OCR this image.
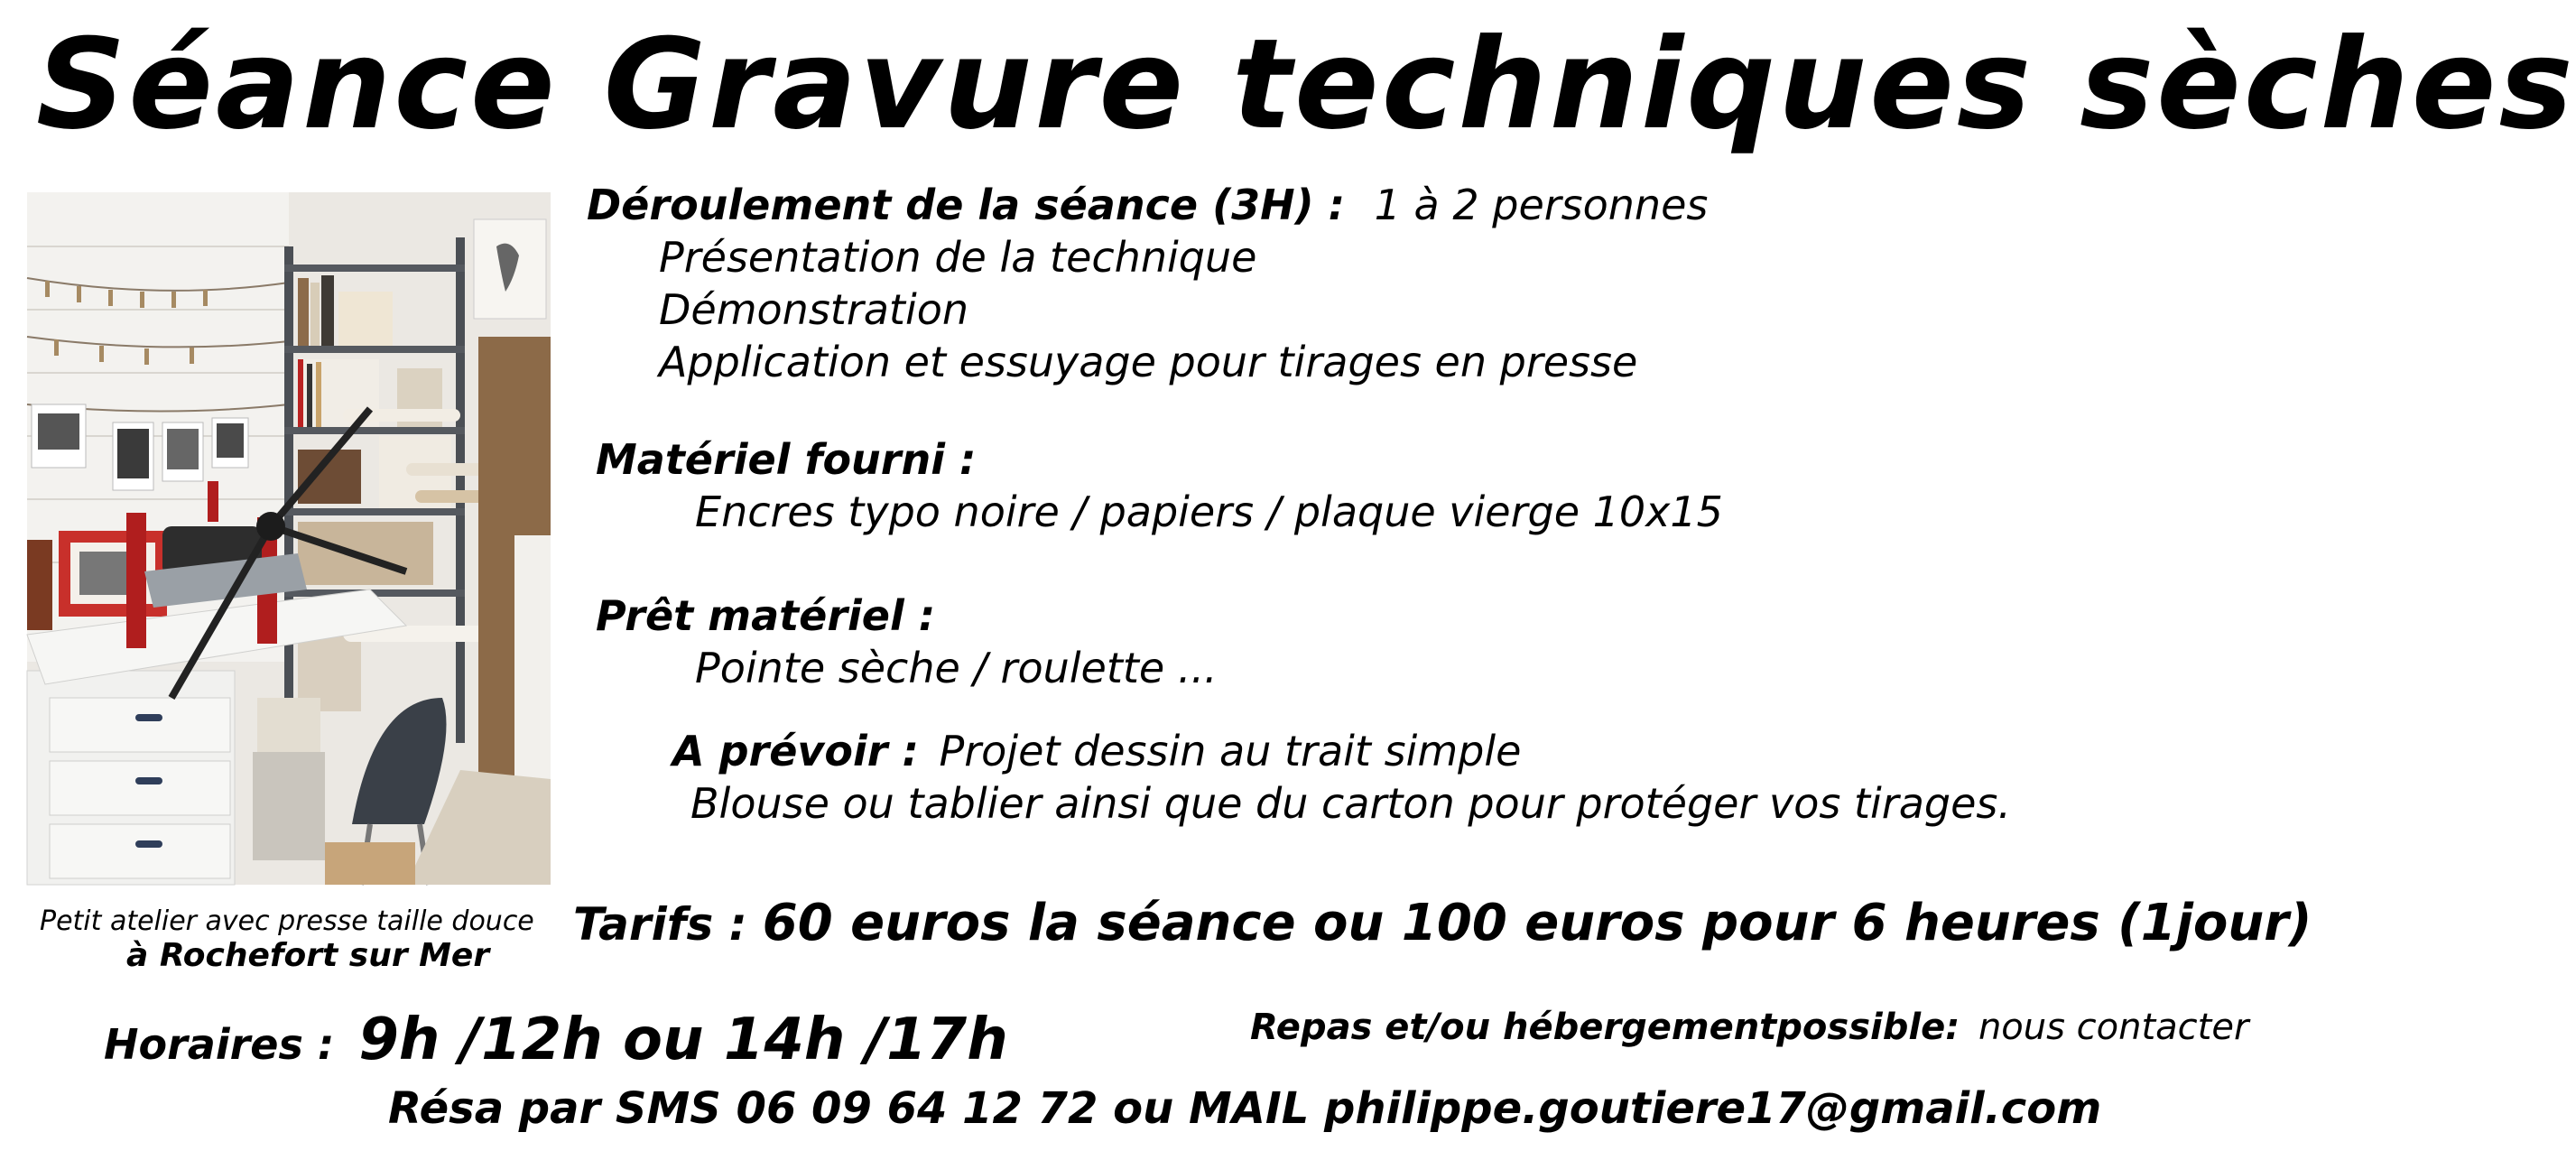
Séance Gravure techniques sèches
Petit atelier avec presse taille douce
à Rochefort sur Mer
Déroulement de la séance (3H) : 1 à 2 personnes
Présentation de la technique
Démonstration
Application et essuyage pour tirages en presse
Matériel fourni :
Encres typo noire / papiers / plaque vierge 10x15
Prêt matériel :
Pointe sèche / roulette ...
A prévoir : Projet dessin au trait simple
Blouse ou tablier ainsi que du carton pour protéger vos tirages.
Tarifs : 60 euros la séance ou 100 euros pour 6 heures (1jour)
Horaires : 9h /12h ou 14h /17h	Repas et/ou hébergementpossible: nous contacter
Résa par SMS 06 09 64 12 72 ou MAIL philippe.goutiere17@gmail.com
